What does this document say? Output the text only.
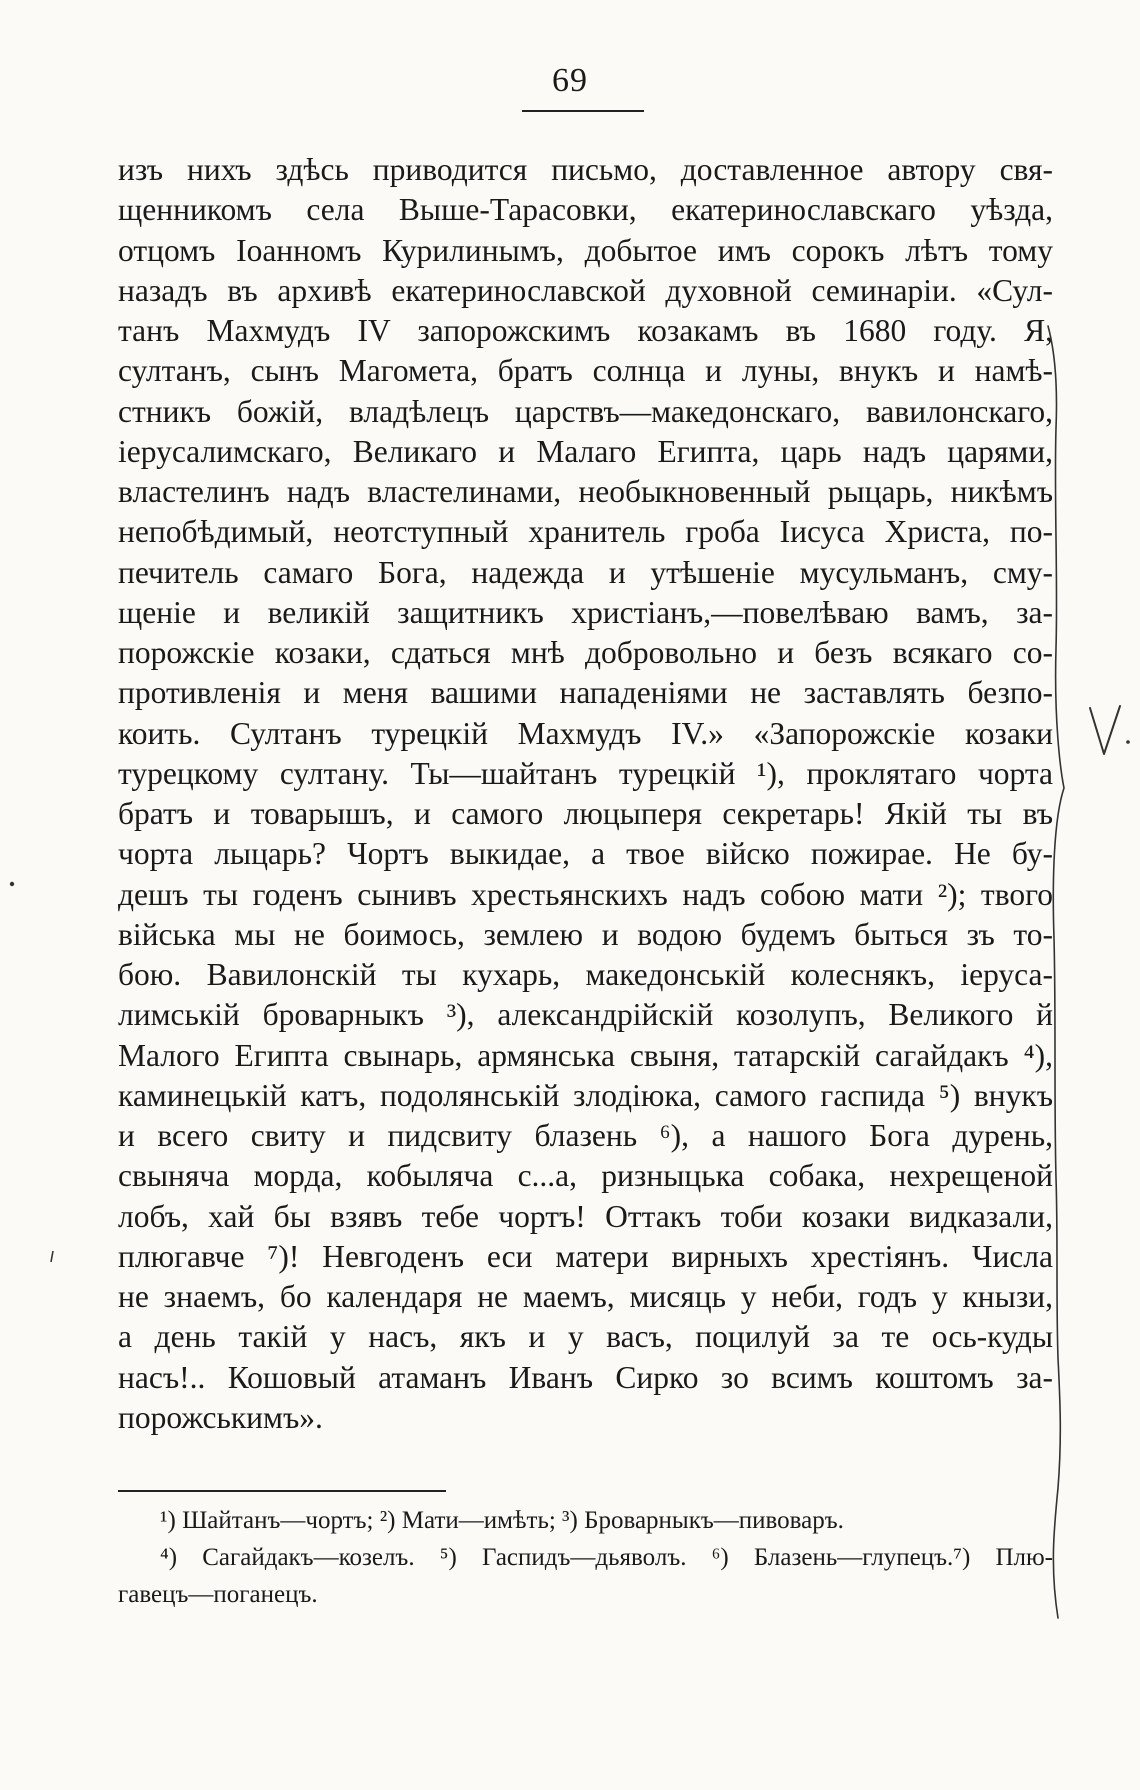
69
изъ нихъ здѣсь приводится письмо, доставленное автору свя-
щенникомъ села Выше-Тарасовки, екатеринославскаго уѣзда,
отцомъ Іоанномъ Курилинымъ, добытое имъ сорокъ лѣтъ тому
назадъ въ архивѣ екатеринославской духовной семинаріи. «Сул-
танъ Махмудъ IV запорожскимъ козакамъ въ 1680 году. Я,
султанъ, сынъ Магомета, братъ солнца и луны, внукъ и намѣ-
стникъ божій, владѣлецъ царствъ—македонскаго, вавилонскаго,
іерусалимскаго, Великаго и Малаго Египта, царь надъ царями,
властелинъ надъ властелинами, необыкновенный рыцарь, никѣмъ
непобѣдимый, неотступный хранитель гроба Іисуса Христа, по-
печитель самаго Бога, надежда и утѣшеніе мусульманъ, сму-
щеніе и великій защитникъ христіанъ,—повелѣваю вамъ, за-
порожскіе козаки, сдаться мнѣ добровольно и безъ всякаго со-
противленія и меня вашими нападеніями не заставлять безпо-
коить. Султанъ турецкій Махмудъ IV.» «Запорожскіе козаки
турецкому султану. Ты—шайтанъ турецкій ¹), проклятаго чорта
братъ и товарышъ, и самого люцыперя секретарь! Якій ты въ
чорта лыцарь? Чортъ выкидае, а твое війско пожирае. Не бу-
дешъ ты годенъ сынивъ хрестьянскихъ надъ собою мати ²); твого
війська мы не боимось, землею и водою будемъ быться зъ то-
бою. Вавилонскій ты кухарь, македонській колеснякъ, іеруса-
лимській броварныкъ ³), александрійскій козолупъ, Великого й
Малого Египта свынарь, армянська свыня, татарскій сагайдакъ ⁴),
каминецькій катъ, подолянській злодіюка, самого гаспида ⁵) внукъ
и всего свиту и пидсвиту блазень ⁶), а нашого Бога дурень,
свыняча морда, кобыляча с...а, ризныцька собака, нехрещеной
лобъ, хай бы взявъ тебе чортъ! Оттакъ тоби козаки видказали,
плюгавче ⁷)! Невгоденъ еси матери вирныхъ хрестіянъ. Числа
не знаемъ, бо календаря не маемъ, мисяць у неби, годъ у кнызи,
а день такій у насъ, якъ и у васъ, поцилуй за те ось-куды
насъ!.. Кошовый атаманъ Иванъ Сирко зо всимъ коштомъ за-
порожськимъ».
¹) Шайтанъ—чортъ; ²) Мати—имѣть; ³) Броварныкъ—пивоваръ.
⁴) Сагайдакъ—козелъ. ⁵) Гаспидъ—дьяволъ. ⁶) Блазень—глупецъ.⁷) Плю-
гавецъ—поганецъ.
